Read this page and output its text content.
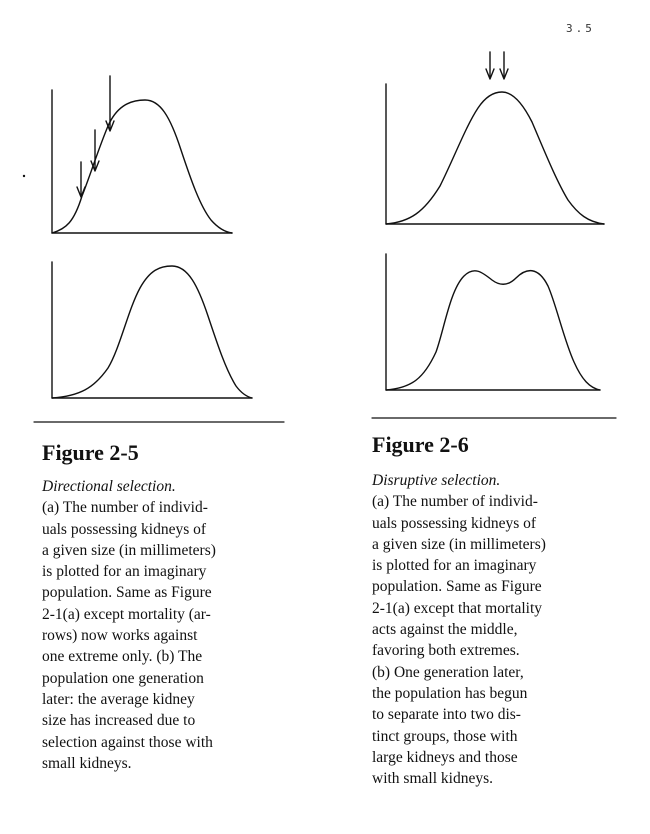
3.5
Figure 2-5

Directional selection.

(a) The number of individ-

uals possessing kidneys of

a given size (in millimeters)

is plotted for an imaginary

population. Same as Figure

2-1(a) except mortality (ar-

rows) now works against

one extreme only. (b) The

population one generation

later: the average kidney

size has increased due to

selection against those with

small kidneys.

Figure 2-6

Disruptive selection.

(a) The number of individ-

uals possessing kidneys of

a given size (in millimeters)

is plotted for an imaginary

population. Same as Figure

2-1(a) except that mortality

acts against the middle,

favoring both extremes.

(b) One generation later,

the population has begun

to separate into two dis-

tinct groups, those with

large kidneys and those

with small kidneys.
